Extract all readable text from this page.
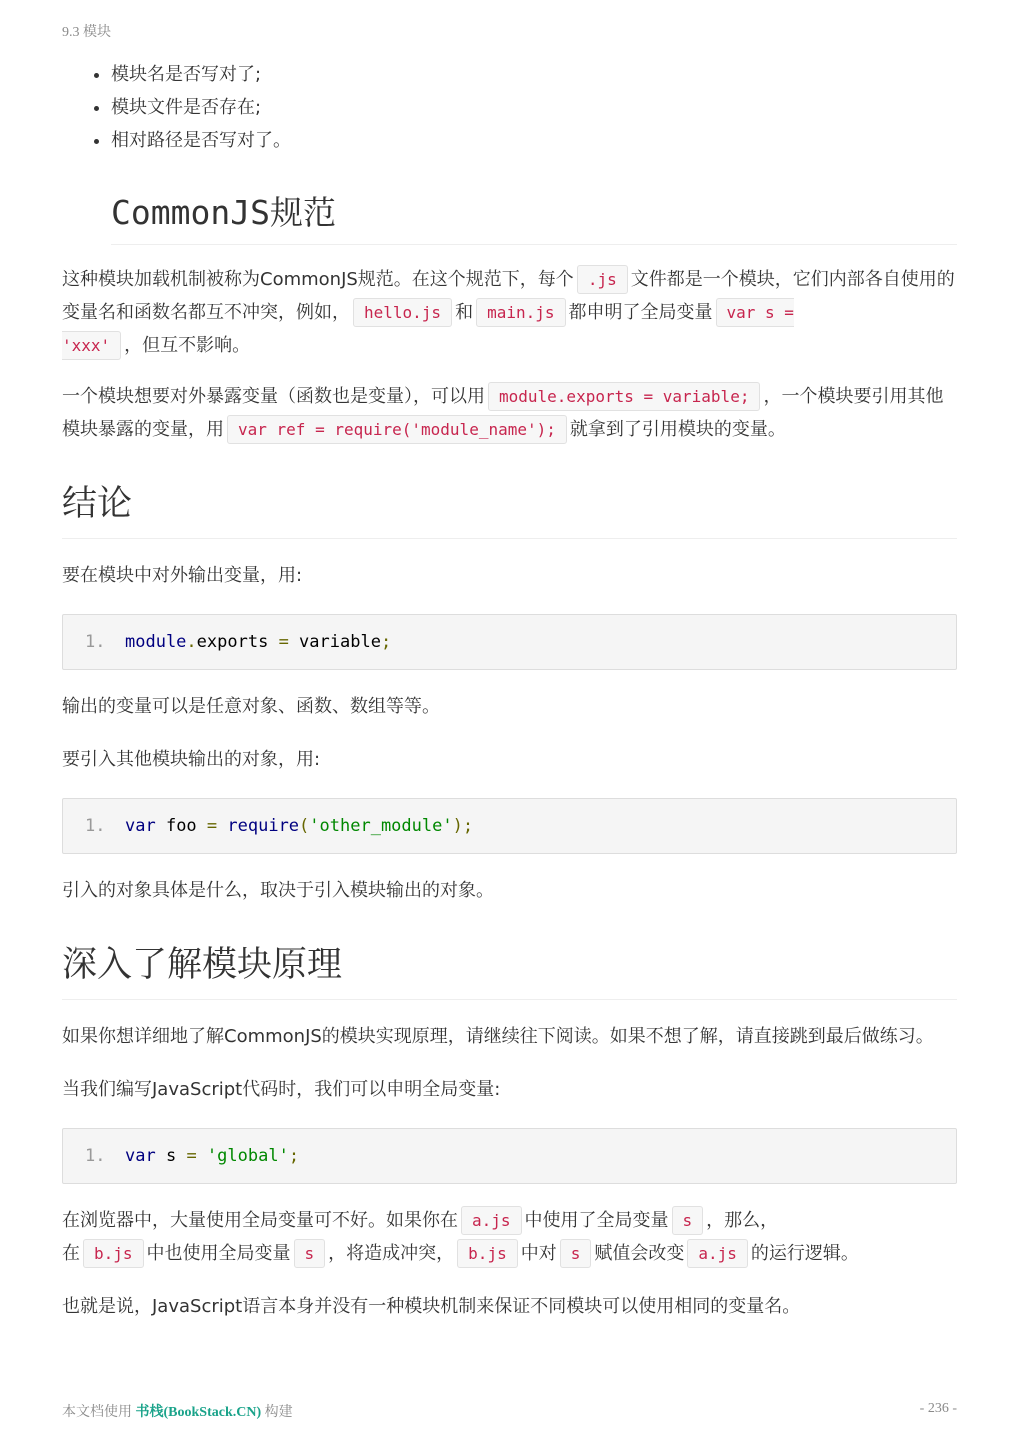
9.3 模块
• 模块名是否写对了;
• 模块文件是否存在;
• 相对路径是否写对了。
CommonJS规范

这种模块加载机制被称为CommonJS规范。在这个规范下，每个 .js 文件都是一个模块，它们内部各自使用的变量名和函数名都互不冲突，例如， hello.js 和 main.js 都申明了全局变量 var s =
'xxx' ，但互不影响。

一个模块想要对外暴露变量（函数也是变量），可以用 module.exports = variable; ，一个模块要引用其他模块暴露的变量，用 var ref = require('module_name'); 就拿到了引用模块的变量。

结论

要在模块中对外输出变量，用:

1. module.exports = variable;

输出的变量可以是任意对象、函数、数组等等。

要引入其他模块输出的对象，用:

1. var foo = require('other_module');

引入的对象具体是什么，取决于引入模块输出的对象。

深入了解模块原理

如果你想详细地了解CommonJS的模块实现原理，请继续往下阅读。如果不想了解，请直接跳到最后做练习。

当我们编写JavaScript代码时，我们可以申明全局变量:

1. var s = 'global';

在浏览器中，大量使用全局变量可不好。如果你在 a.js 中使用了全局变量 s ，那么，
在 b.js 中也使用全局变量 s ，将造成冲突， b.js 中对 s 赋值会改变 a.js 的运行逻辑。

也就是说，JavaScript语言本身并没有一种模块机制来保证不同模块可以使用相同的变量名。

本文档使用 书栈(BookStack.CN) 构建	- 236 -
